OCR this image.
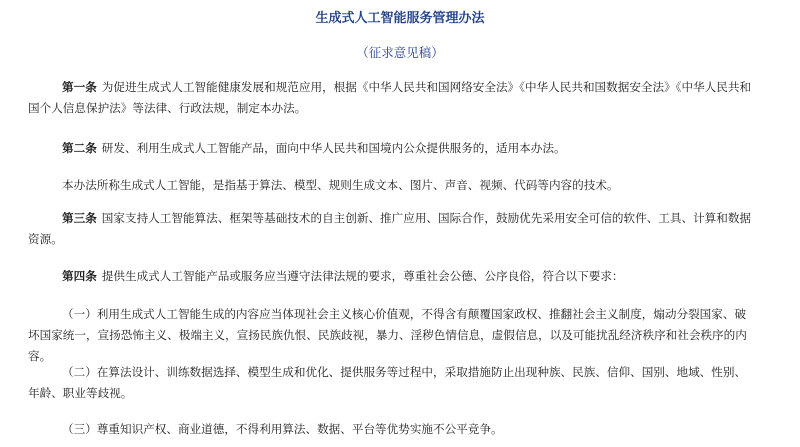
生成式人工智能服务管理办法
（征求意见稿）
第一条 为促进生成式人工智能健康发展和规范应用，根据《中华人民共和国网络安全法》《中华人民共和国数据安全法》《中华人民共和国个人信息保护法》等法律、行政法规，制定本办法。
第二条 研发、利用生成式人工智能产品，面向中华人民共和国境内公众提供服务的，适用本办法。
本办法所称生成式人工智能，是指基于算法、模型、规则生成文本、图片、声音、视频、代码等内容的技术。
第三条 国家支持人工智能算法、框架等基础技术的自主创新、推广应用、国际合作，鼓励优先采用安全可信的软件、工具、计算和数据资源。
第四条 提供生成式人工智能产品或服务应当遵守法律法规的要求，尊重社会公德、公序良俗，符合以下要求：
（一）利用生成式人工智能生成的内容应当体现社会主义核心价值观，不得含有颠覆国家政权、推翻社会主义制度，煽动分裂国家、破坏国家统一，宣扬恐怖主义、极端主义，宣扬民族仇恨、民族歧视，暴力、淫秽色情信息，虚假信息，以及可能扰乱经济秩序和社会秩序的内容。
（二）在算法设计、训练数据选择、模型生成和优化、提供服务等过程中，采取措施防止出现种族、民族、信仰、国别、地域、性别、年龄、职业等歧视。
（三）尊重知识产权、商业道德，不得利用算法、数据、平台等优势实施不公平竞争。
